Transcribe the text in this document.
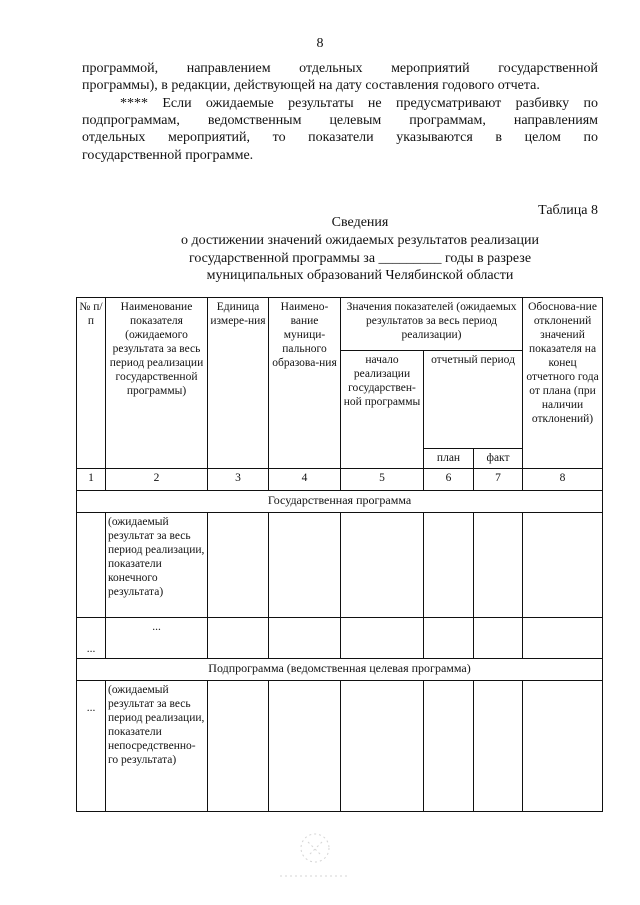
8
программой, направлением отдельных мероприятий государственной
программы), в редакции, действующей на дату составления годового отчета.
**** Если ожидаемые результаты не предусматривают разбивку по
подпрограммам, ведомственным целевым программам, направлениям
отдельных мероприятий, то показатели указываются в целом по
государственной программе.
Таблица 8
Сведения
о достижении значений ожидаемых результатов реализации
государственной программы за _________ годы в разрезе
муниципальных образований Челябинской области
№ п/п	Наименование показателя (ожидаемого результата за весь период реализации государственной программы)	Единица измере-ния	Наимено-вание муници-пального образова-ния	Значения показателей (ожидаемых результатов за весь период реализации)			Обоснова-ние отклонений значений показателя на конец отчетного года от плана (при наличии отклонений)
				начало реализации государствен-ной программы	отчетный период		
					план	факт	
1	2	3	4	5	6	7	8
Государственная программа							
	(ожидаемый результат за весь период реализации, показатели конечного результата)						
...	...						
Подпрограмма (ведомственная целевая программа)							
...	(ожидаемый результат за весь период реализации, показатели непосредственно-го результата)						
